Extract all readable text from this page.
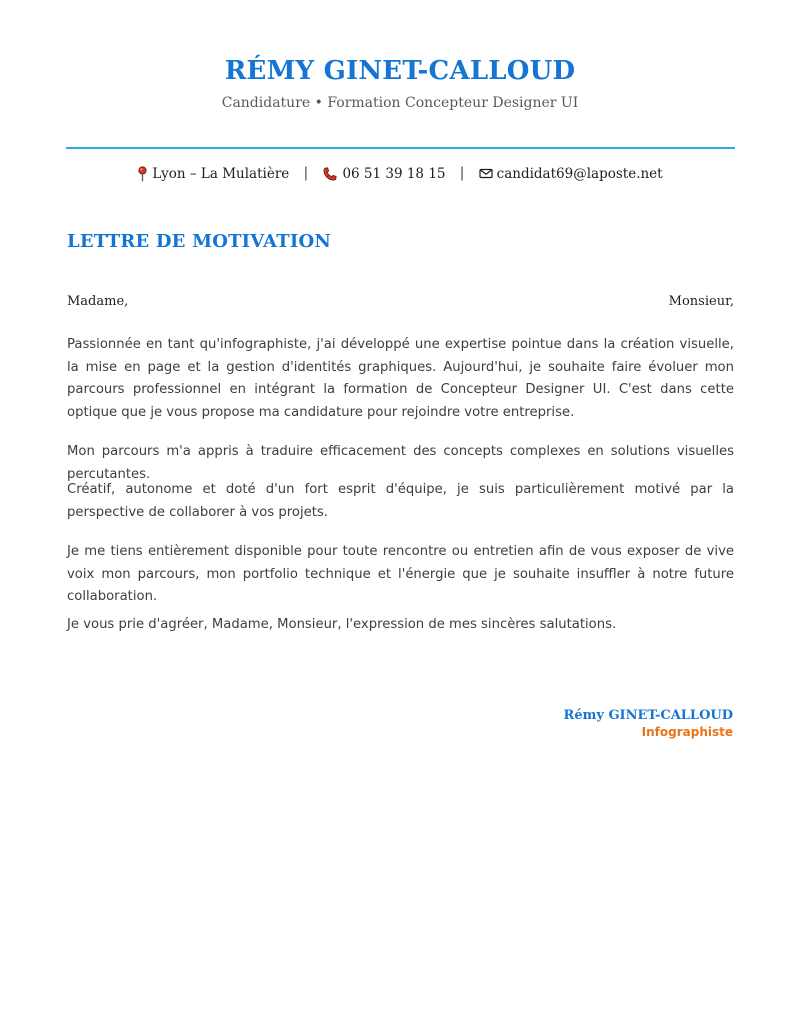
RÉMY GINET-CALLOUD
Candidature • Formation Concepteur Designer UI
Lyon – La Mulatière |	06 51 39 18 15 | candidat69@laposte.net
LETTRE DE MOTIVATION
Madame,	Monsieur,

Passionnée en tant qu'infographiste, j'ai développé une expertise pointue dans la création visuelle, la mise en page et la gestion d'identités graphiques. Aujourd'hui, je souhaite faire évoluer mon parcours professionnel en intégrant la formation de Concepteur Designer UI. C'est dans cette optique que je vous propose ma candidature pour rejoindre votre entreprise.

Mon parcours m'a appris à traduire efficacement des concepts complexes en solutions visuelles percutantes.

Créatif, autonome et doté d'un fort esprit d'équipe, je suis particulièrement motivé par la perspective de collaborer à vos projets.

Je me tiens entièrement disponible pour toute rencontre ou entretien afin de vous exposer de vive voix mon parcours, mon portfolio technique et l'énergie que je souhaite insuffler à notre future collaboration.

Je vous prie d'agréer, Madame, Monsieur, l'expression de mes sincères salutations.

Rémy GINET-CALLOUD
Infographiste
